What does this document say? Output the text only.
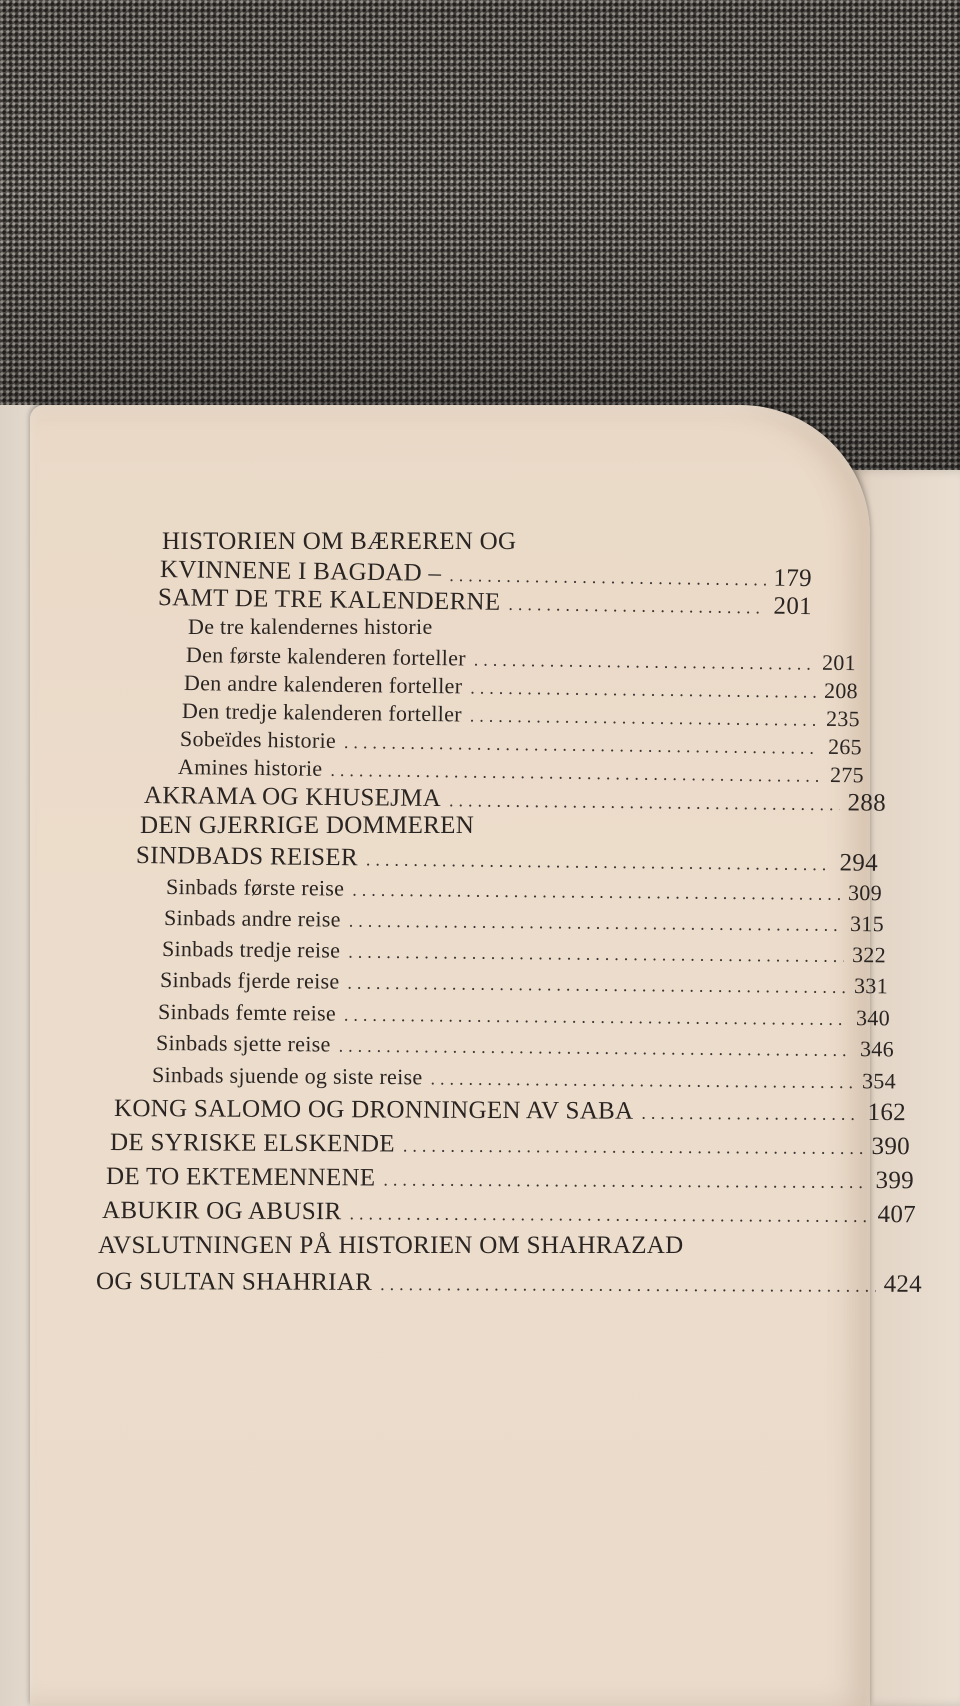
HISTORIEN OM BÆREREN OG
KVINNENE I BAGDAD – .....	179
SAMT DE TRE KALENDERNE .....	201
De tre kalendernes historie
Den første kalenderen forteller .....	201
Den andre kalenderen forteller .....	208
Den tredje kalenderen forteller .....	235
Sobeïdes historie .....	265
Amines historie .....	275
AKRAMA OG KHUSEJMA .....	288
DEN GJERRIGE DOMMEREN
SINDBADS REISER .....	294
Sinbads første reise .....	309
Sinbads andre reise .....	315
Sinbads tredje reise .....	322
Sinbads fjerde reise .....	331
Sinbads femte reise .....	340
Sinbads sjette reise .....	346
Sinbads sjuende og siste reise .....	354
KONG SALOMO OG DRONNINGEN AV SABA .....	162
DE SYRISKE ELSKENDE .....	390
DE TO EKTEMENNENE .....	399
ABUKIR OG ABUSIR .....	407
AVSLUTNINGEN PÅ HISTORIEN OM SHAHRAZAD
OG SULTAN SHAHRIAR .....	424
